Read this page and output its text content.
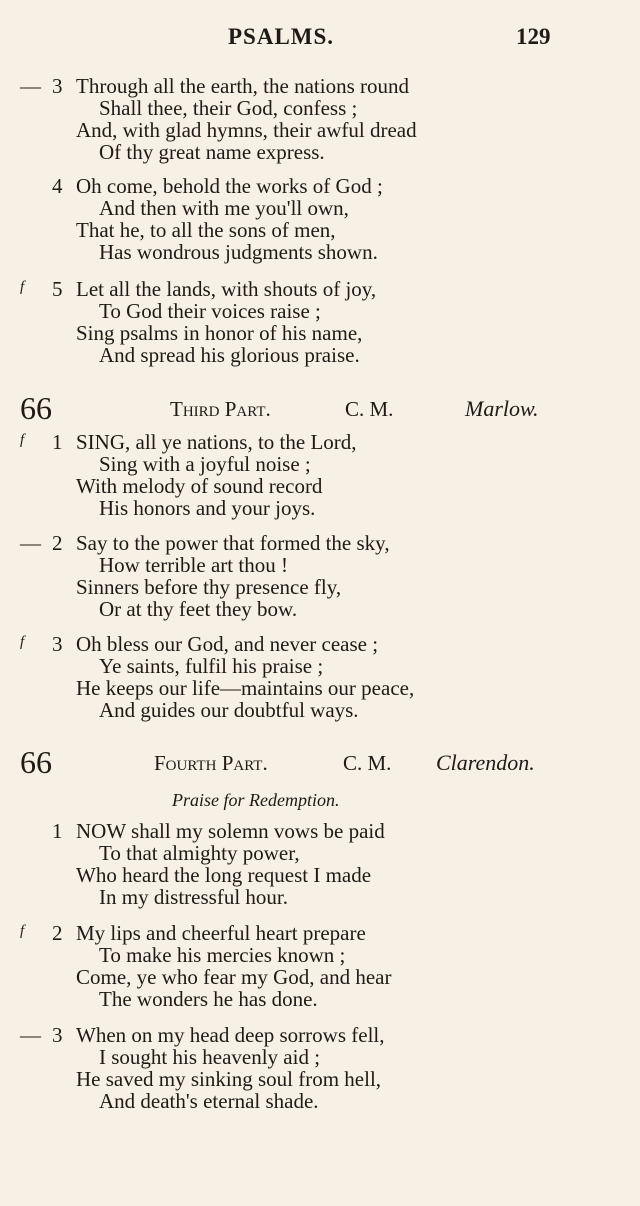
PSALMS.	129
— 3 Through all the earth, the nations round
Shall thee, their God, confess ;
And, with glad hymns, their awful dread
Of thy great name express.
4 Oh come, behold the works of God ;
And then with me you'll own,
That he, to all the sons of men,
Has wondrous judgments shown.
f 5 Let all the lands, with shouts of joy,
To God their voices raise ;
Sing psalms in honor of his name,
And spread his glorious praise.
66	Third Part.	C. M.	Marlow.
f 1 SING, all ye nations, to the Lord,
Sing with a joyful noise ;
With melody of sound record
His honors and your joys.
— 2 Say to the power that formed the sky,
How terrible art thou !
Sinners before thy presence fly,
Or at thy feet they bow.
f 3 Oh bless our God, and never cease ;
Ye saints, fulfil his praise ;
He keeps our life—maintains our peace,
And guides our doubtful ways.
66	Fourth Part.	C. M. Clarendon.
Praise for Redemption.
1 NOW shall my solemn vows be paid
To that almighty power,
Who heard the long request I made
In my distressful hour.
f 2 My lips and cheerful heart prepare
To make his mercies known ;
Come, ye who fear my God, and hear
The wonders he has done.
— 3 When on my head deep sorrows fell,
I sought his heavenly aid ;
He saved my sinking soul from hell,
And death's eternal shade.
